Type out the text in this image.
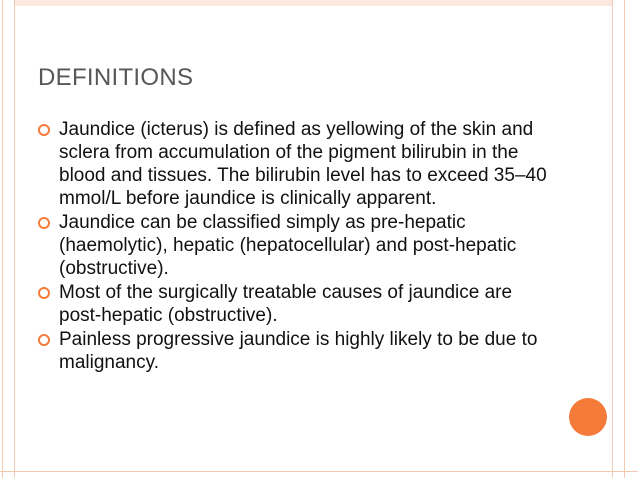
DEFINITIONS
Jaundice (icterus) is defined as yellowing of the skin and sclera from accumulation of the pigment bilirubin in the blood and tissues. The bilirubin level has to exceed 35–40 mmol/L before jaundice is clinically apparent.
Jaundice can be classified simply as pre-hepatic (haemolytic), hepatic (hepatocellular) and post-hepatic (obstructive).
Most of the surgically treatable causes of jaundice are post-hepatic (obstructive).
Painless progressive jaundice is highly likely to be due to malignancy.
